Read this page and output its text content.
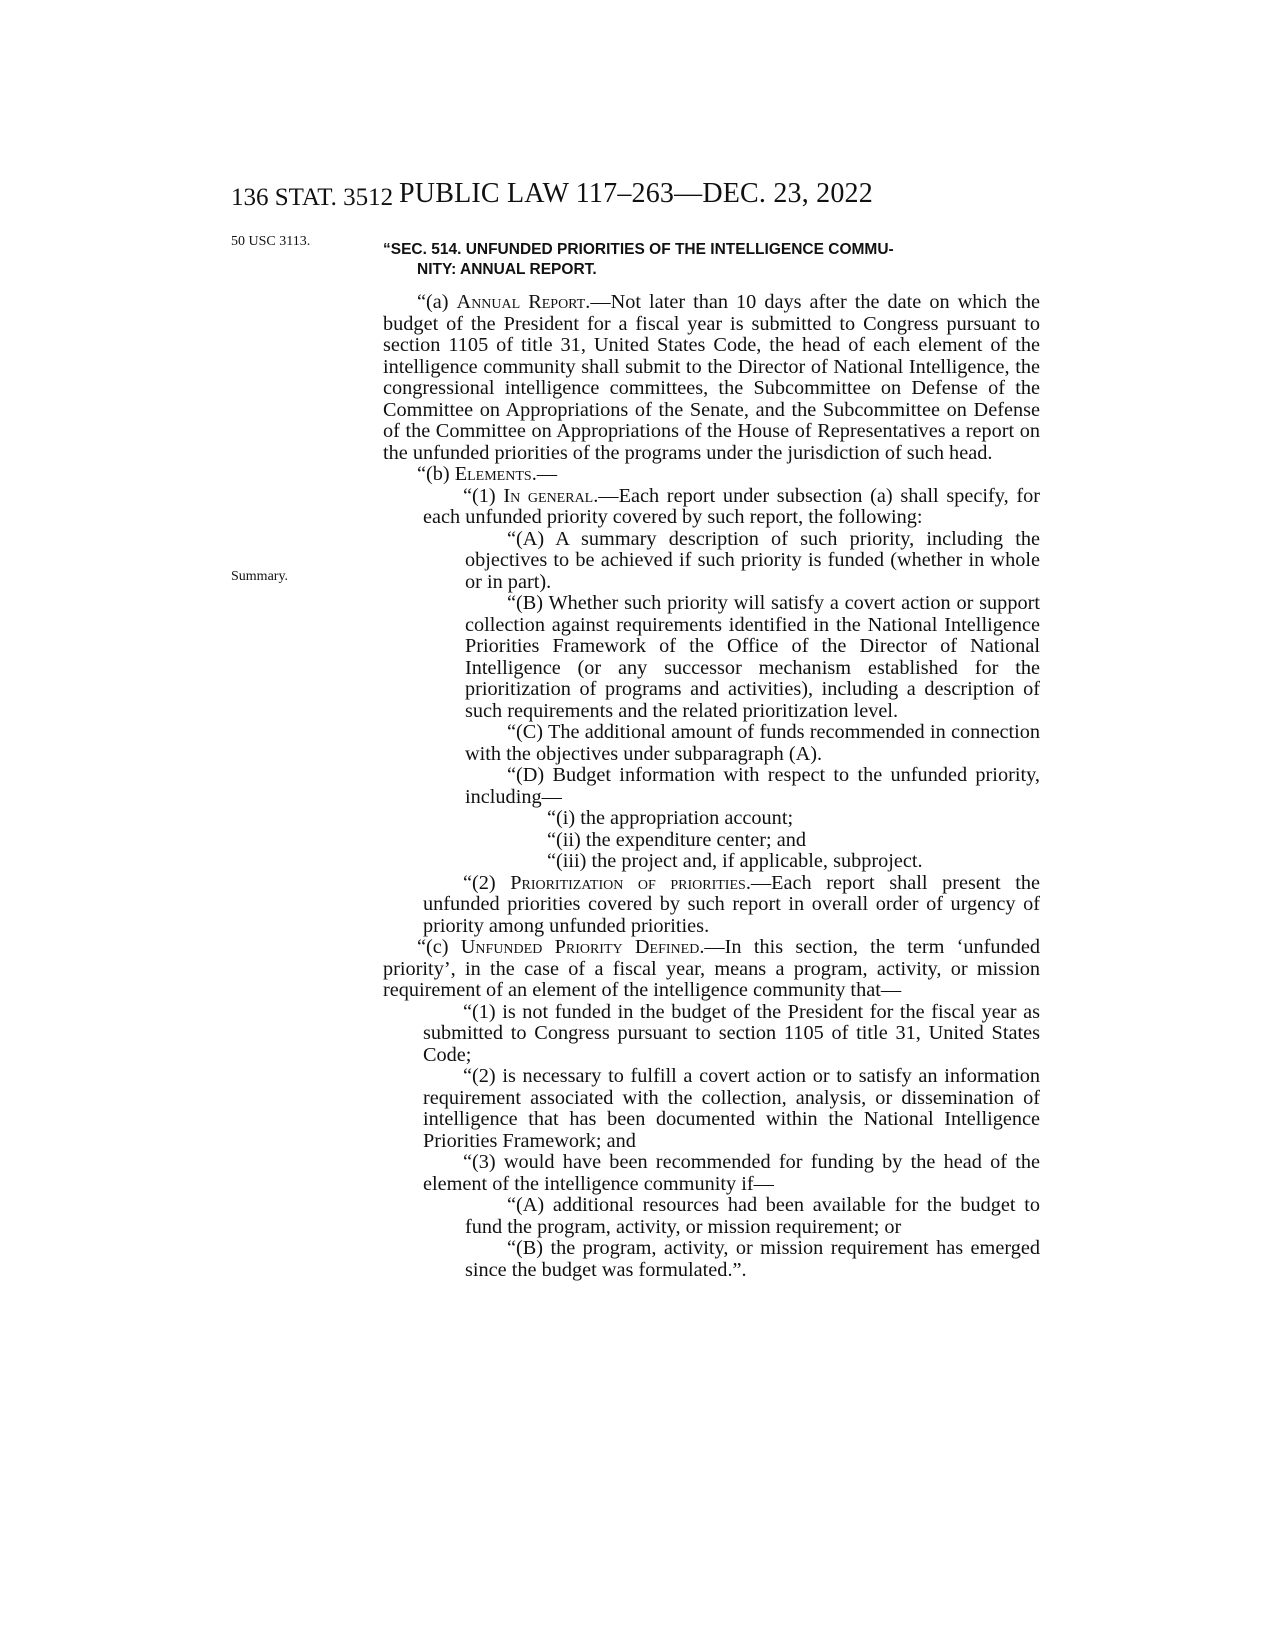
136 STAT. 3512 PUBLIC LAW 117–263—DEC. 23, 2022
50 USC 3113.
Summary.

“SEC. 514. UNFUNDED PRIORITIES OF THE INTELLIGENCE COMMU-
NITY: ANNUAL REPORT.

“(a) Annual Report.—Not later than 10 days after the date on which the budget of the President for a fiscal year is submitted to Congress pursuant to section 1105 of title 31, United States Code, the head of each element of the intelligence community shall submit to the Director of National Intelligence, the congressional intelligence committees, the Subcommittee on Defense of the Committee on Appropriations of the Senate, and the Subcommittee on Defense of the Committee on Appropriations of the House of Representatives a report on the unfunded priorities of the programs under the jurisdiction of such head.

“(b) Elements.—

“(1) In general.—Each report under subsection (a) shall specify, for each unfunded priority covered by such report, the following:

“(A) A summary description of such priority, including the objectives to be achieved if such priority is funded (whether in whole or in part).

“(B) Whether such priority will satisfy a covert action or support collection against requirements identified in the National Intelligence Priorities Framework of the Office of the Director of National Intelligence (or any successor mechanism established for the prioritization of programs and activities), including a description of such requirements and the related prioritization level.

“(C) The additional amount of funds recommended in connection with the objectives under subparagraph (A).

“(D) Budget information with respect to the unfunded priority, including—

“(i) the appropriation account;

“(ii) the expenditure center; and

“(iii) the project and, if applicable, subproject.

“(2) Prioritization of priorities.—Each report shall present the unfunded priorities covered by such report in overall order of urgency of priority among unfunded priorities.

“(c) Unfunded Priority Defined.—In this section, the term ‘unfunded priority’, in the case of a fiscal year, means a program, activity, or mission requirement of an element of the intelligence community that—

“(1) is not funded in the budget of the President for the fiscal year as submitted to Congress pursuant to section 1105 of title 31, United States Code;

“(2) is necessary to fulfill a covert action or to satisfy an information requirement associated with the collection, analysis, or dissemination of intelligence that has been documented within the National Intelligence Priorities Framework; and

“(3) would have been recommended for funding by the head of the element of the intelligence community if—

“(A) additional resources had been available for the budget to fund the program, activity, or mission requirement; or

“(B) the program, activity, or mission requirement has emerged since the budget was formulated.”.
